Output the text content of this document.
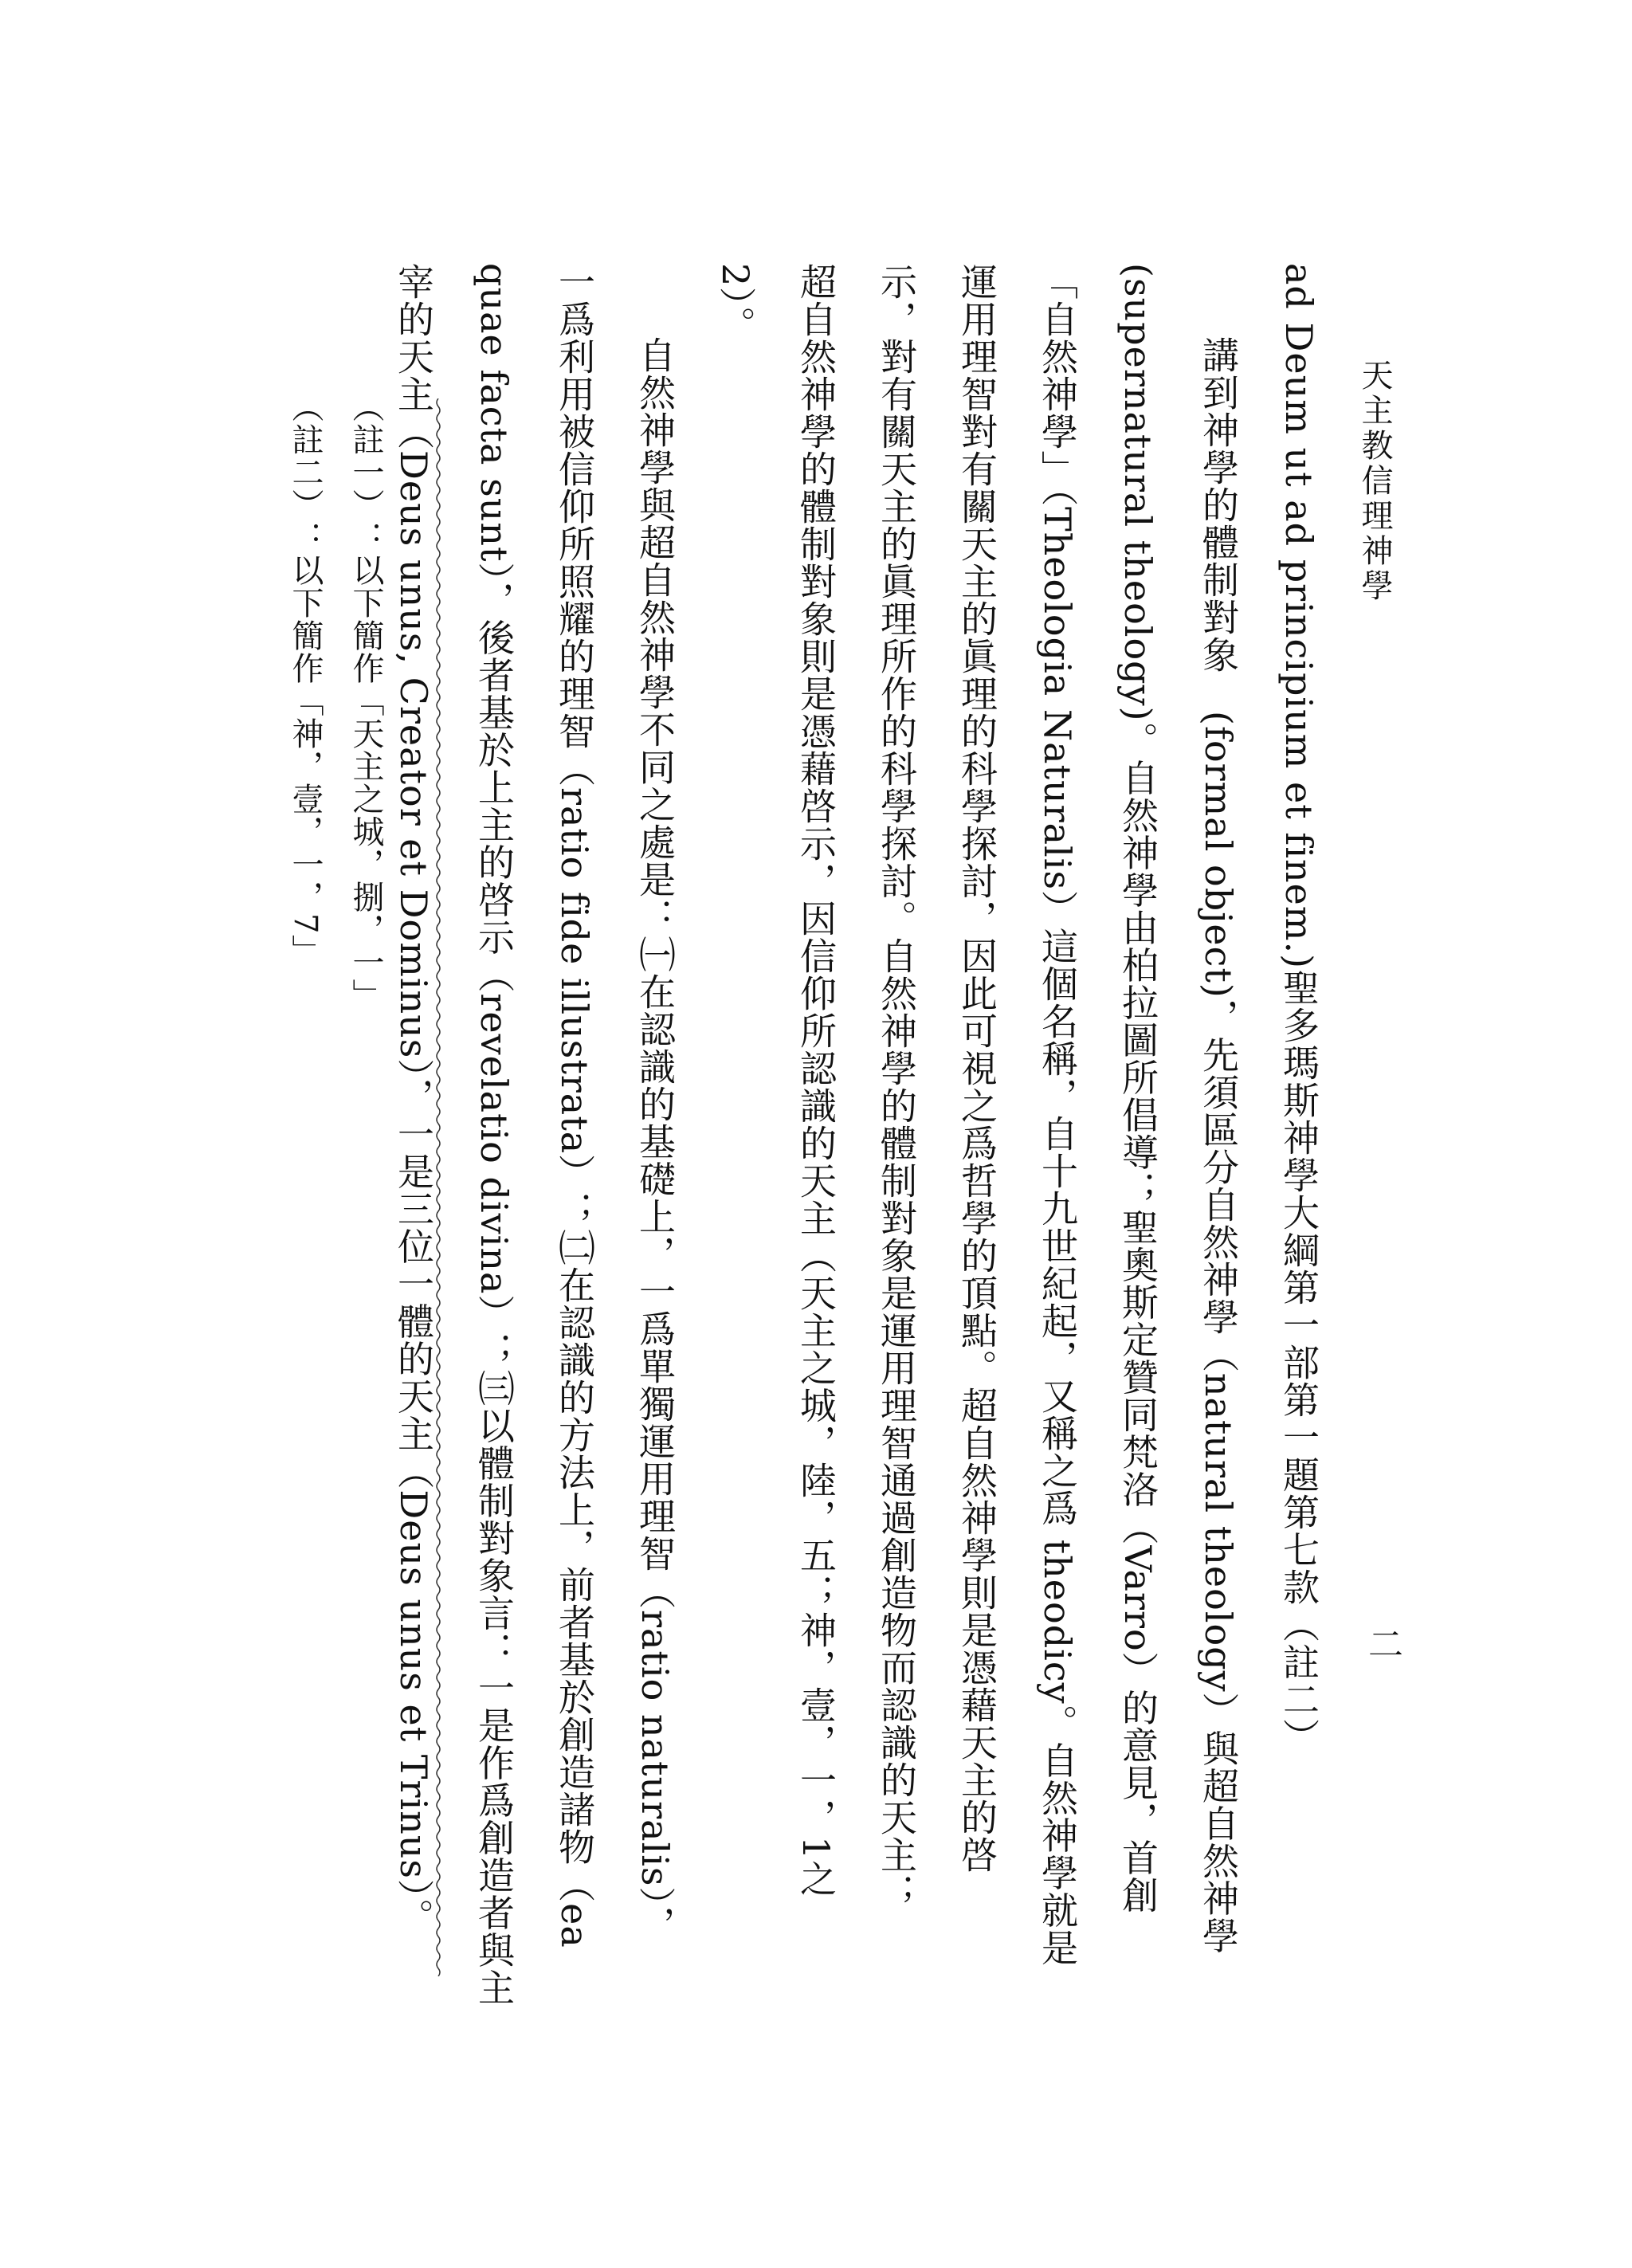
天主教信理神學
二
ad Deum ut ad principium et finem.)聖多瑪斯神學大綱第一部第一題第七款（註二）
講到神學的體制對象　(formal object)，先須區分自然神學（natural theology）與超自然神學
(supernatural theology)。自然神學由柏拉圖所倡導；聖奧斯定贊同梵洛（Varro）的意見，首創
「自然神學」（Theologia Naturalis）這個名稱，自十九世紀起，又稱之爲 theodicy。自然神學就是
運用理智對有關天主的眞理的科學探討，因此可視之爲哲學的頂點。超自然神學則是憑藉天主的啓
示，對有關天主的眞理所作的科學探討。自然神學的體制對象是運用理智通過創造物而認識的天主；
超自然神學的體制對象則是憑藉啓示，因信仰所認識的天主（天主之城，陸，五；神，壹，一，1之
2）。
自然神學與超自然神學不同之處是：㈠在認識的基礎上，一爲單獨運用理智（ratio naturalis），
一爲利用被信仰所照耀的理智（ratio fide illustrata）；㈡在認識的方法上，前者基於創造諸物（ea
quae facta sunt），後者基於上主的啓示（revelatio divina）；㈢以體制對象言：一是作爲創造者與主
宰的天主（Deus unus, Creator et Dominus），一是三位一體的天主（Deus unus et Trinus）。
（註一）：以下簡作「天主之城，捌，一」
（註二）：以下簡作「神，壹，一，7」
